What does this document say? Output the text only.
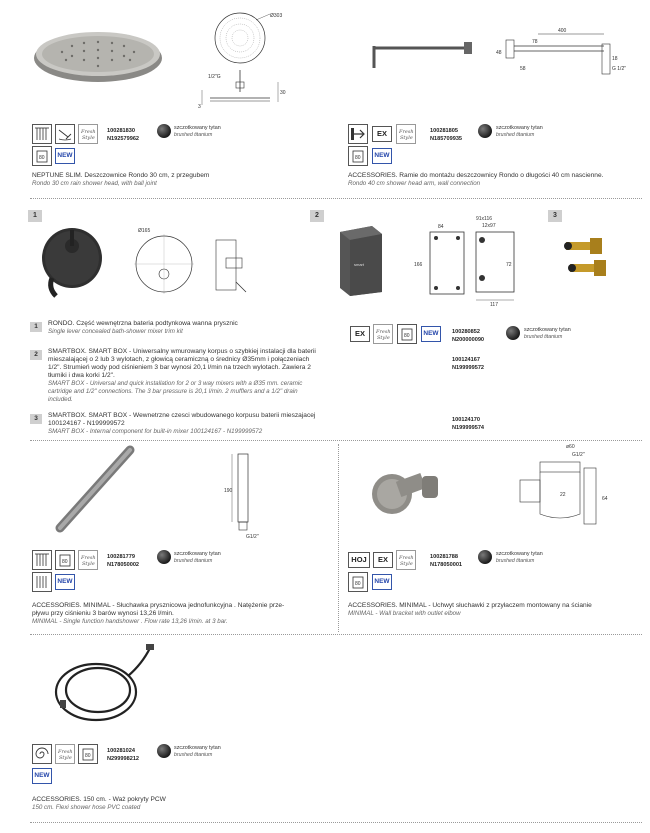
Ø303
1/2"G
3
30
400
78
48
58	G 1/2"
18
Fresh
Style
80	NEW
100281830
N192579962
szczotkowany tytan
brushed titanium
NEPTUNE SLIM. Deszczownice Rondo 30 cm, z przegubem
Rondo 30 cm rain shower head, with ball joint
EX	Fresh
Style
80	NEW
100281805
N185709935
szczotkowany tytan
brushed titanium
ACCESSORIES. Ramie do montażu deszczownicy Rondo o długości 40 cm nascienne.
Rondo 40 cm shower head arm, wall connection
1	2	3
Ø165
smart
91x116
12x97
84
166	72
117
1	RONDO. Część wewnętrzna bateria podtynkowa wanna prysznic
Single lever concealed bath-shower mixer trim kit
2	SMARTBOX. SMART BOX - Uniwersalny wmurowany korpus o szybkiej instalacji dla baterii
mieszalającej o 2 lub 3 wylotach, z głowicą ceramiczną o średnicy Ø35mm i połączeniach
1/2". Strumień wody pod ciśnieniem 3 bar wynosi 20,1 l/min na trzech wylotach. Zawiera 2
tłumiki i dwa korki 1/2".
SMART BOX - Universal and quick installation for 2 or 3 way mixers with a Ø35 mm. ceramic
cartridge and 1/2" connections. The 3 bar pressure is 20,1 l/min. 2 mufflers and a 1/2" drain
included.
3	SMARTBOX. SMART BOX - Wewnetrzne czesci wbudowanego korpusu baterii mieszajacej
100124167 - N199999572
SMART BOX - Internal component for built-in mixer 100124167 - N199999572
EX	Fresh
Style	80	NEW	100280852
N200000090
szczotkowany tytan
brushed titanium
100124167
N199999572
100124170
N199999574
190
G1/2"
ø60
G1/2"
22
64
80
Fresh
Style
NEW
100281779
N178050002
szczotkowany tytan
brushed titanium
ACCESSORIES. MINIMAL - Słuchawka prysznicowa jednofunkcyjna . Natężenie prze-
pływu przy ciśnieniu 3 barów wynosi 13,26 l/min.
MINIMAL - Single function handshower . Flow rate 13,26 l/min. at 3 bar.
HOJ	EX	Fresh
Style
80	NEW
100281788
N178050001
szczotkowany tytan
brushed titanium
ACCESSORIES. MINIMAL - Uchwyt słuchawki z przyłaczem montowany na ścianie
MINIMAL - Wall bracket with outlet elbow
Fresh
Style	80
NEW
100281024
N299998212
szczotkowany tytan
brushed titanium
ACCESSORIES. 150 cm. - Waż pokryty PCW
150 cm. Flexi shower hose PVC coated
